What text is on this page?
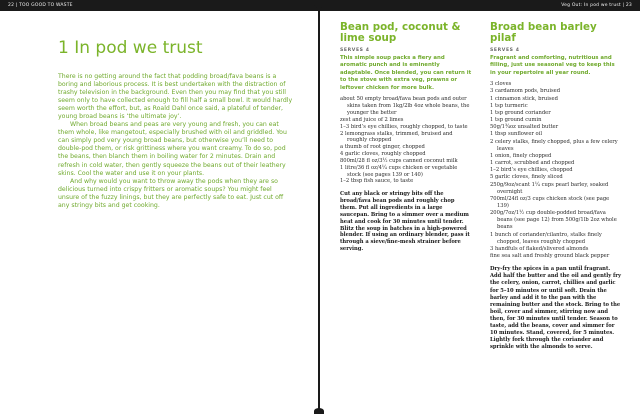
22 | TOO GOOD TO WASTE	Veg Out: In pod we trust | 23
1 In pod we trust

There is no getting around the fact that podding broad/fava beans is a boring and laborious process. It is best undertaken with the distraction of trashy television in the background. Even then you may find that you still seem only to have collected enough to fill half a small bowl. It would hardly seem worth the effort, but, as Roald Dahl once said, a plateful of tender, young broad beans is ‘the ultimate joy’.

When broad beans and peas are very young and fresh, you can eat them whole, like mangetout, especially brushed with oil and griddled. You can simply pod very young broad beans, but otherwise you’ll need to double-pod them, or risk grittiness where you want creamy. To do so, pod the beans, then blanch them in boiling water for 2 minutes. Drain and refresh in cold water, then gently squeeze the beans out of their leathery skins. Cool the water and use it on your plants.

And why would you want to throw away the pods when they are so delicious turned into crispy fritters or aromatic soups? You might feel unsure of the fuzzy linings, but they are perfectly safe to eat. Just cut off any stringy bits and get cooking.

Bean pod, coconut & lime soup
SERVES 4

This simple soup packs a fiery and aromatic punch and is eminently adaptable. Once blended, you can return it to the stove with extra veg, prawns or leftover chicken for more bulk.

about 50 empty broad/fava bean pods and outer skins taken from 1kg/2lb 4oz whole beans, the younger the better
zest and juice of 2 limes
1–3 bird’s eye chillies, roughly chopped, to taste
2 lemongrass stalks, trimmed, bruised and roughly chopped
a thumb of root ginger, chopped
4 garlic cloves, roughly chopped
800ml/28 fl oz/3½ cups canned coconut milk
1 litre/36 fl oz/4¼ cups chicken or vegetable stock (see pages 139 or 140)
1–2 tbsp fish sauce, to taste

Cut any black or stringy bits off the broad/fava bean pods and roughly chop them. Put all ingredients in a large saucepan. Bring to a simmer over a medium heat and cook for 30 minutes until tender. Blitz the soup in batches in a high-powered blender. If using an ordinary blender, pass it through a sieve/fine-mesh strainer before serving.

Broad bean barley pilaf
SERVES 4

Fragrant and comforting, nutritious and filling, just use seasonal veg to keep this in your repertoire all year round.

3 cloves
3 cardamom pods, bruised
1 cinnamon stick, bruised
1 tsp turmeric
1 tsp ground coriander
1 tsp ground cumin
50g/1¾oz unsalted butter
1 tbsp sunflower oil
2 celery stalks, finely chopped, plus a few celery leaves
1 onion, finely chopped
1 carrot, scrubbed and chopped
1–2 bird’s eye chillies, chopped
5 garlic cloves, finely sliced
250g/9oz/scant 1¼ cups pearl barley, soaked overnight
700ml/24fl oz/3 cups chicken stock (see page 139)
200g/7oz/1½ cup double-podded broad/fava beans (see page 12) from 500g/1lb 2oz whole beans
1 bunch of coriander/cilantro, stalks finely chopped, leaves roughly chopped
3 handfuls of flaked/slivered almonds
fine sea salt and freshly ground black pepper

Dry-fry the spices in a pan until fragrant. Add half the butter and the oil and gently fry the celery, onion, carrot, chillies and garlic for 5–10 minutes or until soft. Drain the barley and add it to the pan with the remaining butter and the stock. Bring to the boil, cover and simmer, stirring now and then, for 30 minutes until tender. Season to taste, add the beans, cover and simmer for 10 minutes. Stand, covered, for 5 minutes. Lightly fork through the coriander and sprinkle with the almonds to serve.
